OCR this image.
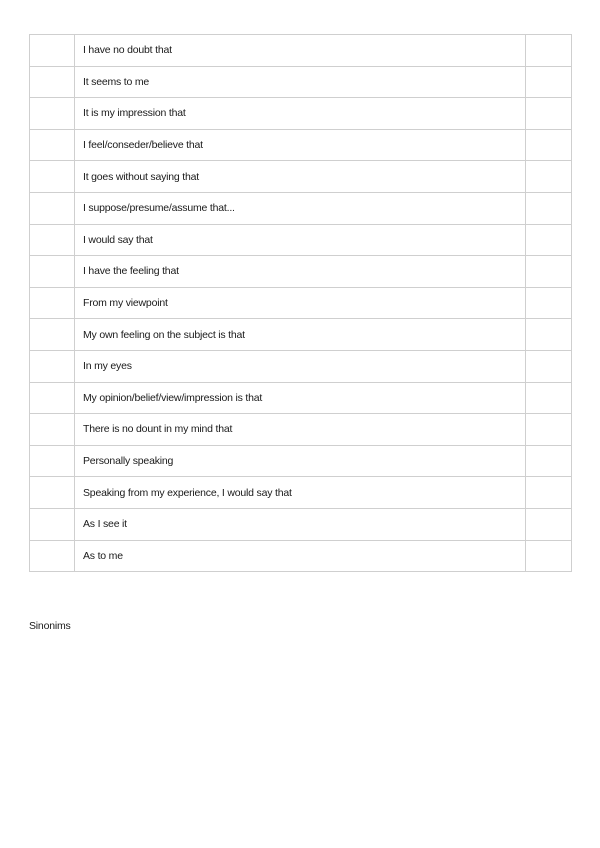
	I have no doubt that	
	It seems to me	
	It is my impression that	
	I feel/conseder/believe that	
	It goes without saying that	
	I suppose/presume/assume that...	
	I would say that	
	I have the feeling that	
	From my viewpoint	
	My own feeling on the subject is that	
	In my eyes	
	My opinion/belief/view/impression is that	
	There is no dount in my mind that	
	Personally speaking	
	Speaking from my experience, I would say that	
	As I see it	
	As to me	
Sinonims
